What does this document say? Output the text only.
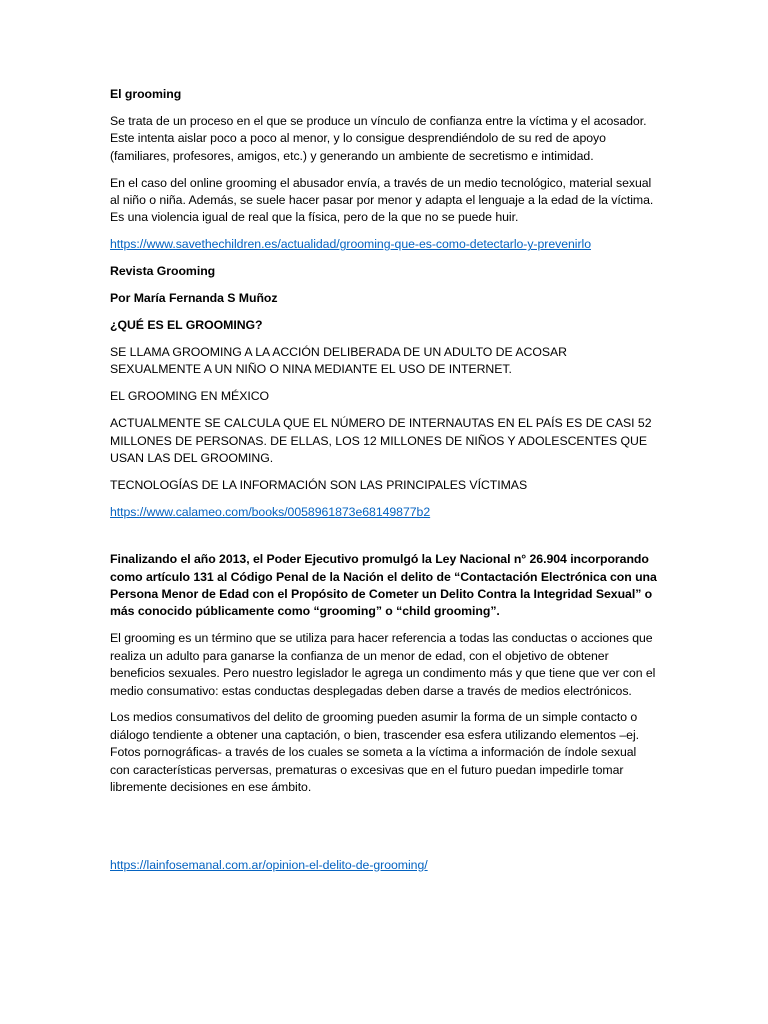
El grooming

Se trata de un proceso en el que se produce un vínculo de confianza entre la víctima y el acosador. Este intenta aislar poco a poco al menor, y lo consigue desprendiéndolo de su red de apoyo (familiares, profesores, amigos, etc.) y generando un ambiente de secretismo e intimidad.

En el caso del online grooming el abusador envía, a través de un medio tecnológico, material sexual al niño o niña. Además, se suele hacer pasar por menor y adapta el lenguaje a la edad de la víctima. Es una violencia igual de real que la física, pero de la que no se puede huir.

https://www.savethechildren.es/actualidad/grooming-que-es-como-detectarlo-y-prevenirlo

Revista Grooming

Por María Fernanda S Muñoz

¿QUÉ ES EL GROOMING?

SE LLAMA GROOMING A LA ACCIÓN DELIBERADA DE UN ADULTO DE ACOSAR SEXUALMENTE A UN NIÑO O NINA MEDIANTE EL USO DE INTERNET.

EL GROOMING EN MÉXICO

ACTUALMENTE SE CALCULA QUE EL NÚMERO DE INTERNAUTAS EN EL PAÍS ES DE CASI 52 MILLONES DE PERSONAS. DE ELLAS, LOS 12 MILLONES DE NIÑOS Y ADOLESCENTES QUE USAN LAS DEL GROOMING.

TECNOLOGÍAS DE LA INFORMACIÓN SON LAS PRINCIPALES VÍCTIMAS

https://www.calameo.com/books/0058961873e68149877b2

Finalizando el año 2013, el Poder Ejecutivo promulgó la Ley Nacional n° 26.904 incorporando como artículo 131 al Código Penal de la Nación el delito de “Contactación Electrónica con una Persona Menor de Edad con el Propósito de Cometer un Delito Contra la Integridad Sexual” o más conocido públicamente como “grooming” o “child grooming”.

El grooming es un término que se utiliza para hacer referencia a todas las conductas o acciones que realiza un adulto para ganarse la confianza de un menor de edad, con el objetivo de obtener beneficios sexuales. Pero nuestro legislador le agrega un condimento más y que tiene que ver con el medio consumativo: estas conductas desplegadas deben darse a través de medios electrónicos.

Los medios consumativos del delito de grooming pueden asumir la forma de un simple contacto o diálogo tendiente a obtener una captación, o bien, trascender esa esfera utilizando elementos –ej. Fotos pornográficas- a través de los cuales se someta a la víctima a información de índole sexual con características perversas, prematuras o excesivas que en el futuro puedan impedirle tomar libremente decisiones en ese ámbito.

https://lainfosemanal.com.ar/opinion-el-delito-de-grooming/
